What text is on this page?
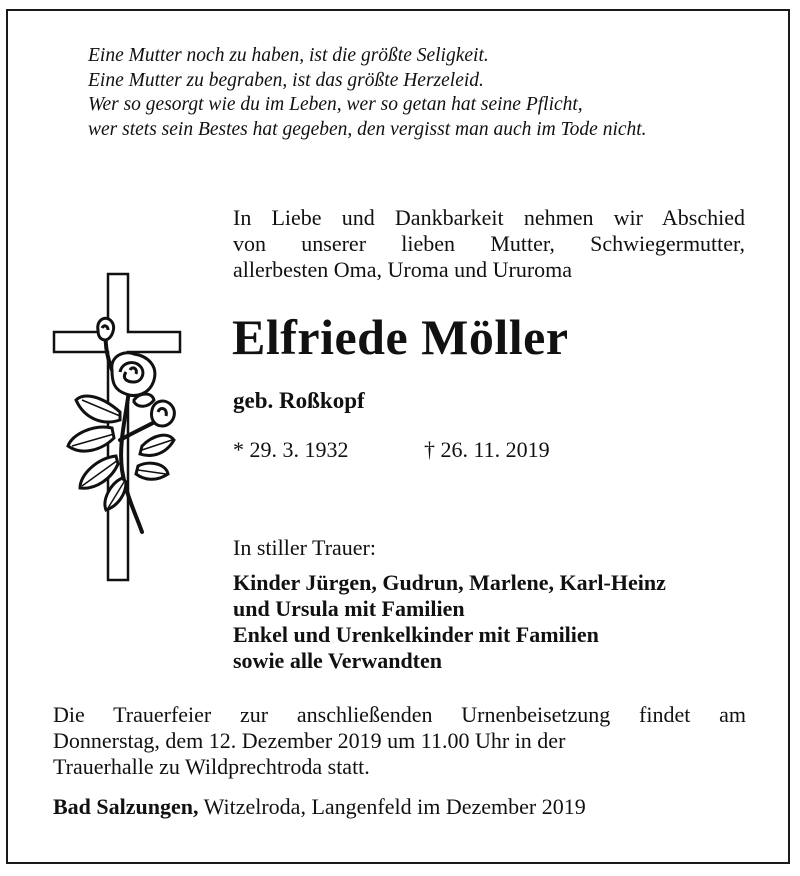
Eine Mutter noch zu haben, ist die größte Seligkeit.
Eine Mutter zu begraben, ist das größte Herzeleid.
Wer so gesorgt wie du im Leben, wer so getan hat seine Pflicht,
wer stets sein Bestes hat gegeben, den vergisst man auch im Tode nicht.
In Liebe und Dankbarkeit nehmen wir Abschied
von unserer lieben Mutter, Schwiegermutter,
allerbesten Oma, Uroma und Ururoma
Elfriede Möller
geb. Roßkopf
* 29. 3. 1932	† 26. 11. 2019
In stiller Trauer:
Kinder Jürgen, Gudrun, Marlene, Karl-Heinz
und Ursula mit Familien
Enkel und Urenkelkinder mit Familien
sowie alle Verwandten
Die Trauerfeier zur anschließenden Urnenbeisetzung findet am
Donnerstag, dem 12. Dezember 2019 um 11.00 Uhr in der
Trauerhalle zu Wildprechtroda statt.
Bad Salzungen, Witzelroda, Langenfeld im Dezember 2019
